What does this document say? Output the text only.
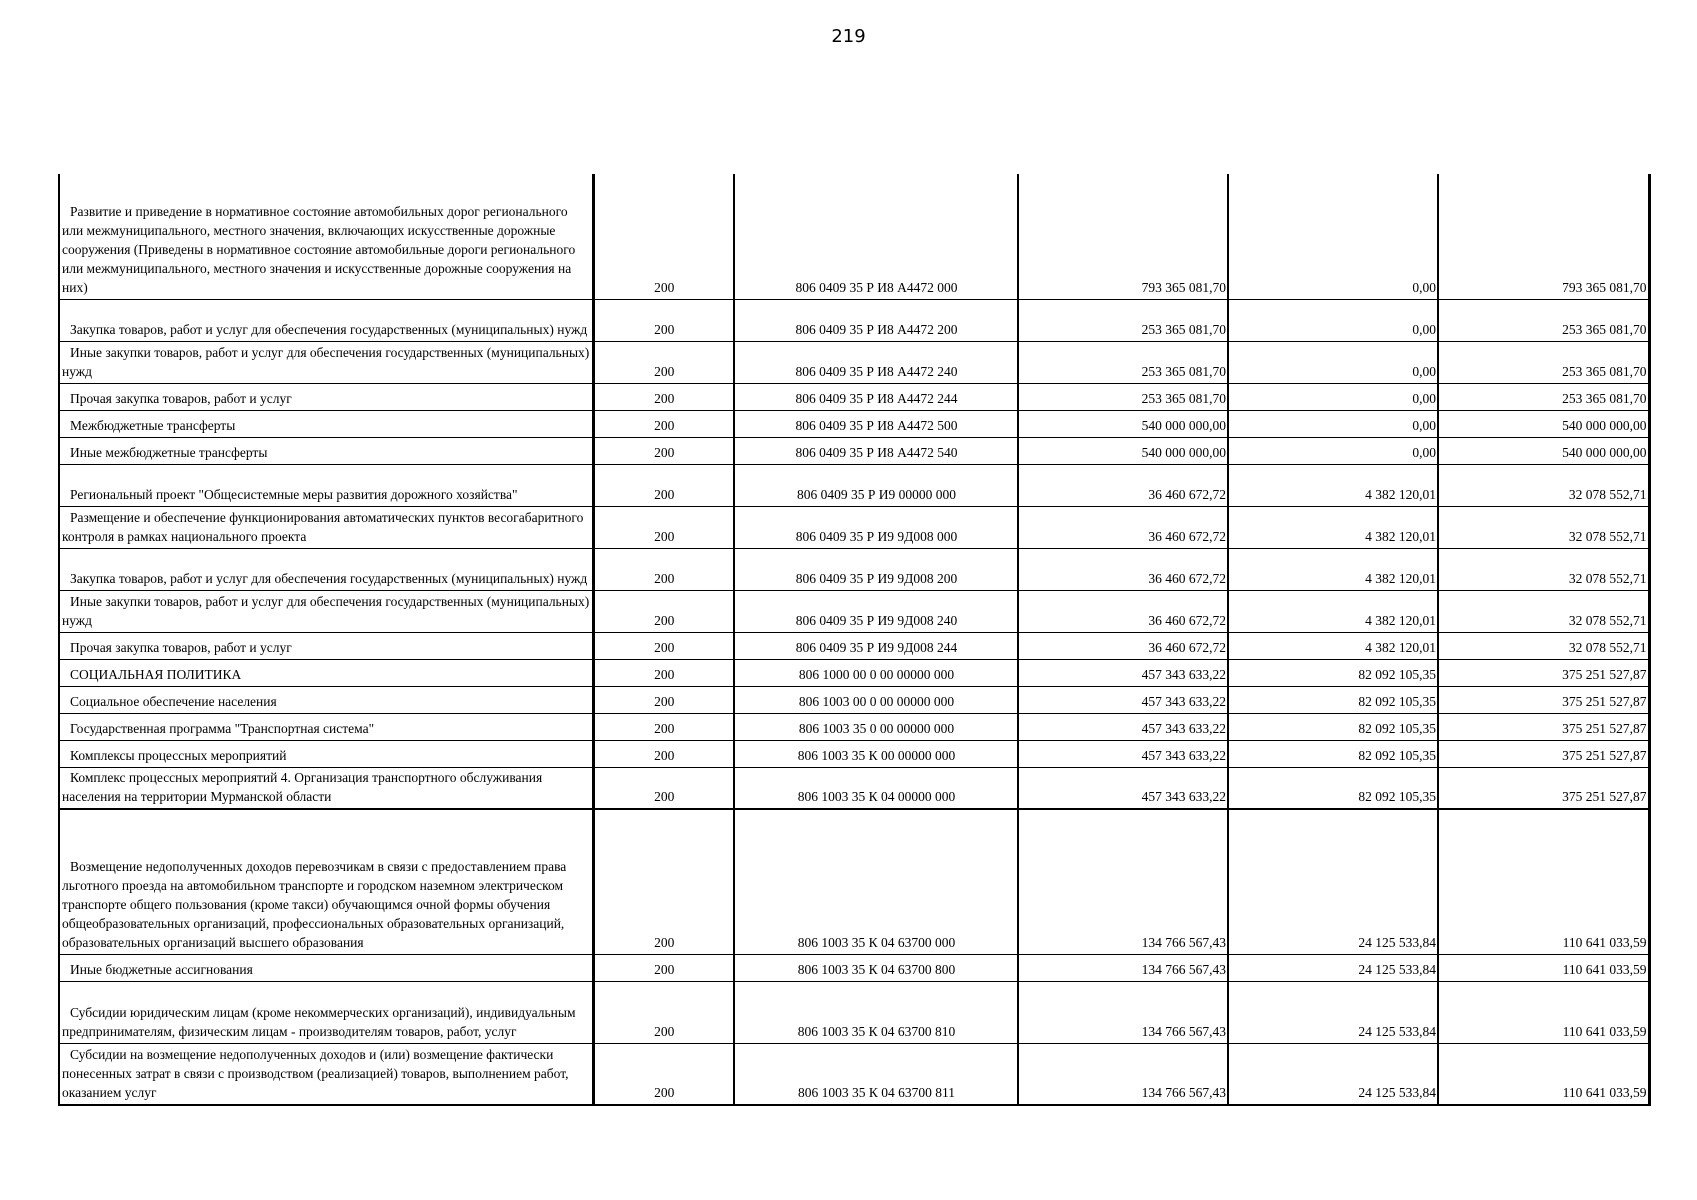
219
Развитие и приведение в нормативное состояние автомобильных дорог регионального или межмуниципального, местного значения, включающих искусственные дорожные сооружения (Приведены в нормативное состояние автомобильные дороги регионального или межмуниципального, местного значения и искусственные дорожные сооружения на них)	200	806 0409 35 Р И8 А4472 000	793 365 081,70	0,00	793 365 081,70

Закупка товаров, работ и услуг для обеспечения государственных (муниципальных) нужд	200	806 0409 35 Р И8 А4472 200	253 365 081,70	0,00	253 365 081,70

Иные закупки товаров, работ и услуг для обеспечения государственных (муниципальных) нужд	200	806 0409 35 Р И8 А4472 240	253 365 081,70	0,00	253 365 081,70

Прочая закупка товаров, работ и услуг	200	806 0409 35 Р И8 А4472 244	253 365 081,70	0,00	253 365 081,70

Межбюджетные трансферты	200	806 0409 35 Р И8 А4472 500	540 000 000,00	0,00	540 000 000,00

Иные межбюджетные трансферты	200	806 0409 35 Р И8 А4472 540	540 000 000,00	0,00	540 000 000,00

Региональный проект "Общесистемные меры развития дорожного хозяйства"	200	806 0409 35 Р И9 00000 000	36 460 672,72	4 382 120,01	32 078 552,71

Размещение и обеспечение функционирования автоматических пунктов весогабаритного контроля в рамках национального проекта	200	806 0409 35 Р И9 9Д008 000	36 460 672,72	4 382 120,01	32 078 552,71

Закупка товаров, работ и услуг для обеспечения государственных (муниципальных) нужд	200	806 0409 35 Р И9 9Д008 200	36 460 672,72	4 382 120,01	32 078 552,71

Иные закупки товаров, работ и услуг для обеспечения государственных (муниципальных) нужд	200	806 0409 35 Р И9 9Д008 240	36 460 672,72	4 382 120,01	32 078 552,71

Прочая закупка товаров, работ и услуг	200	806 0409 35 Р И9 9Д008 244	36 460 672,72	4 382 120,01	32 078 552,71

СОЦИАЛЬНАЯ ПОЛИТИКА	200	806 1000 00 0 00 00000 000	457 343 633,22	82 092 105,35	375 251 527,87

Социальное обеспечение населения	200	806 1003 00 0 00 00000 000	457 343 633,22	82 092 105,35	375 251 527,87

Государственная программа "Транспортная система"	200	806 1003 35 0 00 00000 000	457 343 633,22	82 092 105,35	375 251 527,87

Комплексы процессных мероприятий	200	806 1003 35 К 00 00000 000	457 343 633,22	82 092 105,35	375 251 527,87

Комплекс процессных мероприятий 4. Организация транспортного обслуживания населения на территории Мурманской области	200	806 1003 35 К 04 00000 000	457 343 633,22	82 092 105,35	375 251 527,87

Возмещение недополученных доходов перевозчикам в связи с предоставлением права льготного проезда на автомобильном транспорте и городском наземном электрическом транспорте общего пользования (кроме такси) обучающимся очной формы обучения общеобразовательных организаций, профессиональных образовательных организаций, образовательных организаций высшего образования	200	806 1003 35 К 04 63700 000	134 766 567,43	24 125 533,84	110 641 033,59

Иные бюджетные ассигнования	200	806 1003 35 К 04 63700 800	134 766 567,43	24 125 533,84	110 641 033,59

Субсидии юридическим лицам (кроме некоммерческих организаций), индивидуальным предпринимателям, физическим лицам - производителям товаров, работ, услуг	200	806 1003 35 К 04 63700 810	134 766 567,43	24 125 533,84	110 641 033,59

Субсидии на возмещение недополученных доходов и (или) возмещение фактически понесенных затрат в связи с производством (реализацией) товаров, выполнением работ, оказанием услуг	200	806 1003 35 К 04 63700 811	134 766 567,43	24 125 533,84	110 641 033,59
